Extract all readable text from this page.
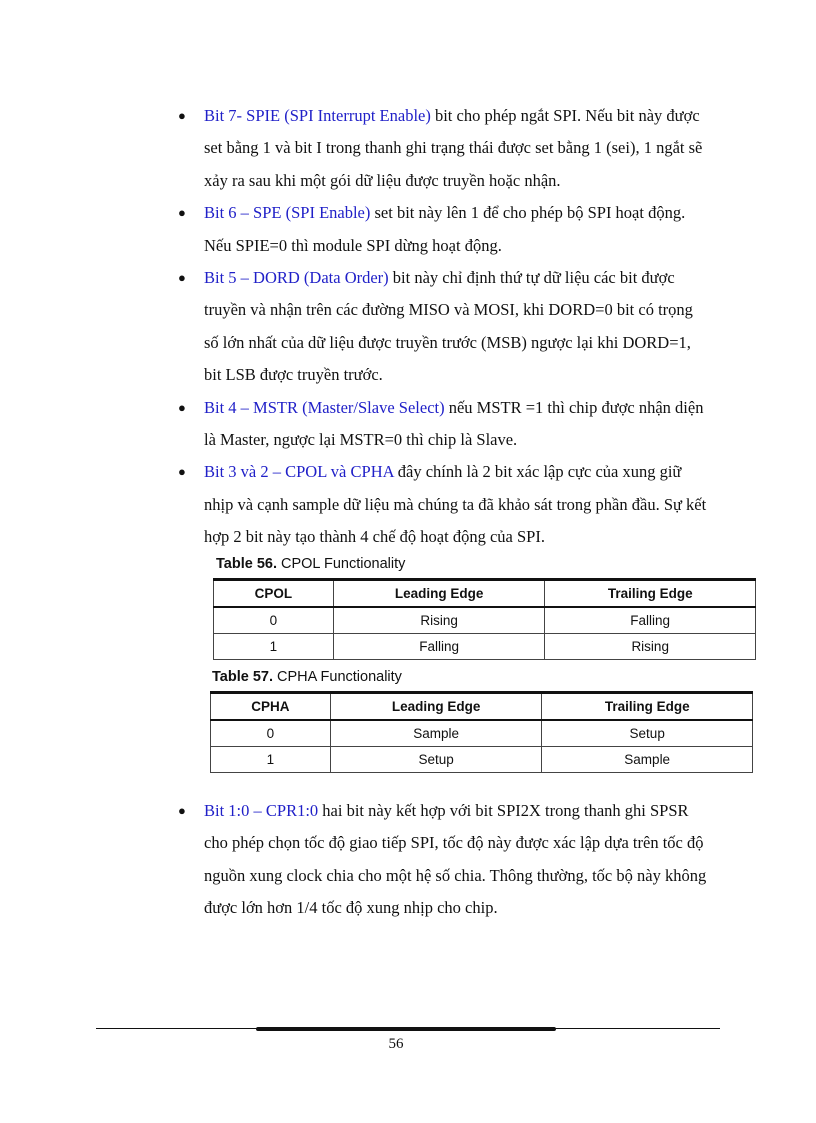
● Bit 7- SPIE (SPI Interrupt Enable) bit cho phép ngắt SPI. Nếu bit này được set bằng 1 và bit I trong thanh ghi trạng thái được set bằng 1 (sei), 1 ngắt sẽ xảy ra sau khi một gói dữ liệu được truyền hoặc nhận.
● Bit 6 – SPE (SPI Enable) set bit này lên 1 để cho phép bộ SPI hoạt động. Nếu SPIE=0 thì module SPI dừng hoạt động.
● Bit 5 – DORD (Data Order) bit này chỉ định thứ tự dữ liệu các bit được truyền và nhận trên các đường MISO và MOSI, khi DORD=0 bit có trọng số lớn nhất của dữ liệu được truyền trước (MSB) ngược lại khi DORD=1, bit LSB được truyền trước.
● Bit 4 – MSTR (Master/Slave Select) nếu MSTR =1 thì chip được nhận diện là Master, ngược lại MSTR=0 thì chip là Slave.
● Bit 3 và 2 – CPOL và CPHA đây chính là 2 bit xác lập cực của xung giữ nhịp và cạnh sample dữ liệu mà chúng ta đã khảo sát trong phần đầu. Sự kết hợp 2 bit này tạo thành 4 chế độ hoạt động của SPI.
Table 56. CPOL Functionality
CPOL	Leading Edge	Trailing Edge
0	Rising	Falling
1	Falling	Rising
Table 57. CPHA Functionality
CPHA	Leading Edge	Trailing Edge
0	Sample	Setup
1	Setup	Sample
● Bit 1:0 – CPR1:0 hai bit này kết hợp với bit SPI2X trong thanh ghi SPSR cho phép chọn tốc độ giao tiếp SPI, tốc độ này được xác lập dựa trên tốc độ nguồn xung clock chia cho một hệ số chia. Thông thường, tốc bộ này không được lớn hơn 1/4 tốc độ xung nhịp cho chip.
56
